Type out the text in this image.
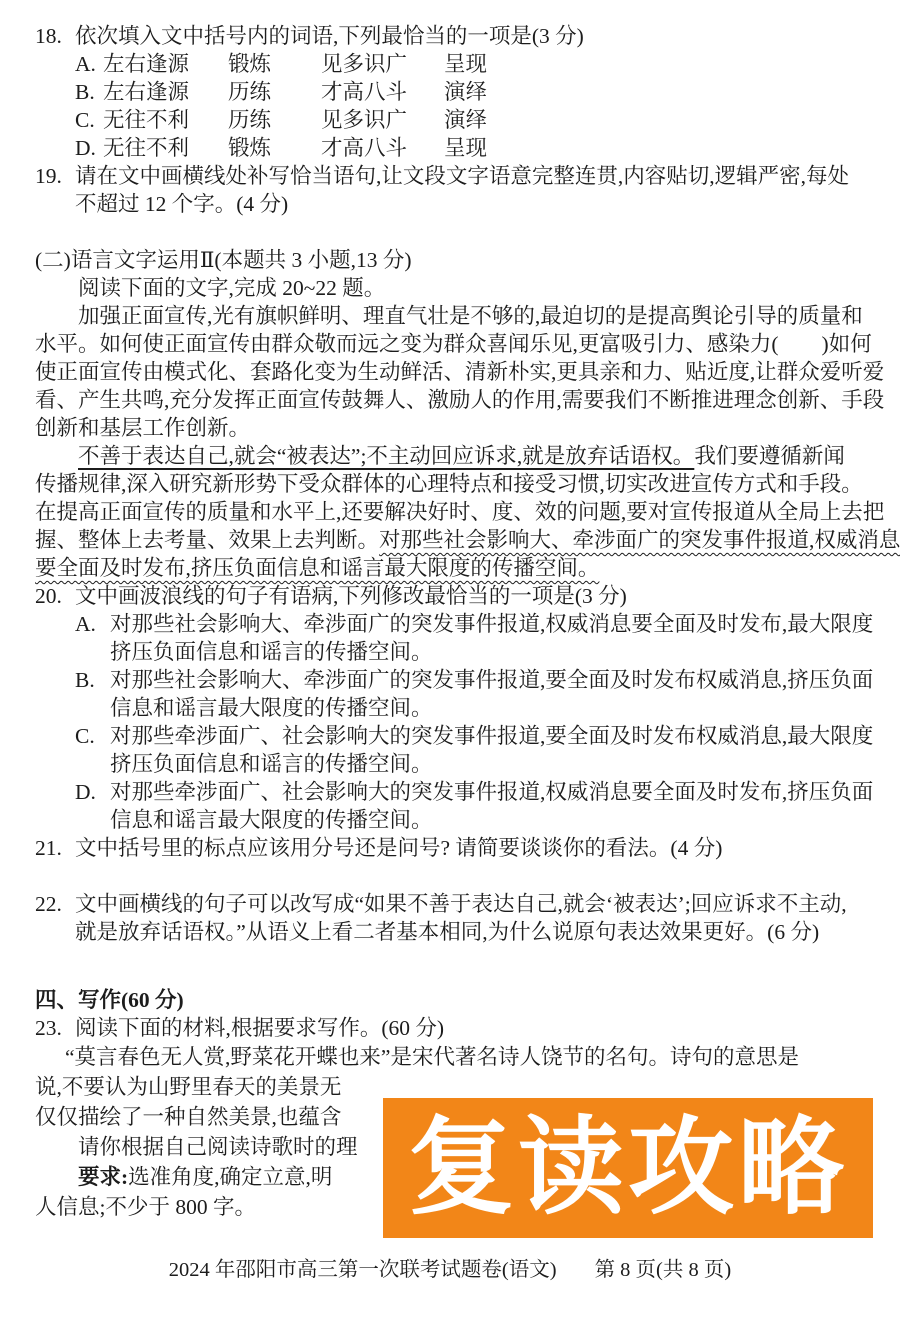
18. 依次填入文中括号内的词语,下列最恰当的一项是(3 分)
A. 左右逢源 锻炼 见多识广 呈现
B. 左右逢源 历练 才高八斗 演绎
C. 无往不利 历练 见多识广 演绎
D. 无往不利 锻炼 才高八斗 呈现
19. 请在文中画横线处补写恰当语句,让文段文字语意完整连贯,内容贴切,逻辑严密,每处
不超过 12 个字。(4 分)
(二)语言文字运用Ⅱ(本题共 3 小题,13 分)
阅读下面的文字,完成 20~22 题。
加强正面宣传,光有旗帜鲜明、理直气壮是不够的,最迫切的是提高舆论引导的质量和
水平。如何使正面宣传由群众敬而远之变为群众喜闻乐见,更富吸引力、感染力(　　)如何
使正面宣传由模式化、套路化变为生动鲜活、清新朴实,更具亲和力、贴近度,让群众爱听爱
看、产生共鸣,充分发挥正面宣传鼓舞人、激励人的作用,需要我们不断推进理念创新、手段
创新和基层工作创新。
不善于表达自己,就会“被表达”;不主动回应诉求,就是放弃话语权。我们要遵循新闻
传播规律,深入研究新形势下受众群体的心理特点和接受习惯,切实改进宣传方式和手段。
在提高正面宣传的质量和水平上,还要解决好时、度、效的问题,要对宣传报道从全局上去把
握、整体上去考量、效果上去判断。对那些社会影响大、牵涉面广的突发事件报道,权威消息
要全面及时发布,挤压负面信息和谣言最大限度的传播空间。
20. 文中画波浪线的句子有语病,下列修改最恰当的一项是(3 分)
A. 对那些社会影响大、牵涉面广的突发事件报道,权威消息要全面及时发布,最大限度
挤压负面信息和谣言的传播空间。
B. 对那些社会影响大、牵涉面广的突发事件报道,要全面及时发布权威消息,挤压负面
信息和谣言最大限度的传播空间。
C. 对那些牵涉面广、社会影响大的突发事件报道,要全面及时发布权威消息,最大限度
挤压负面信息和谣言的传播空间。
D. 对那些牵涉面广、社会影响大的突发事件报道,权威消息要全面及时发布,挤压负面
信息和谣言最大限度的传播空间。
21. 文中括号里的标点应该用分号还是问号? 请简要谈谈你的看法。(4 分)
22. 文中画横线的句子可以改写成“如果不善于表达自己,就会‘被表达’;回应诉求不主动,
就是放弃话语权。”从语义上看二者基本相同,为什么说原句表达效果更好。(6 分)
四、写作(60 分)
23. 阅读下面的材料,根据要求写作。(60 分)
“莫言春色无人赏,野菜花开蝶也来”是宋代著名诗人饶节的名句。诗句的意思是
说,不要认为山野里春天的美景无
仅仅描绘了一种自然美景,也蕴含
请你根据自己阅读诗歌时的理
要求:选准角度,确定立意,明
人信息;不少于 800 字。	复读攻略
2024 年邵阳市高三第一次联考试题卷(语文) 第 8 页(共 8 页)
